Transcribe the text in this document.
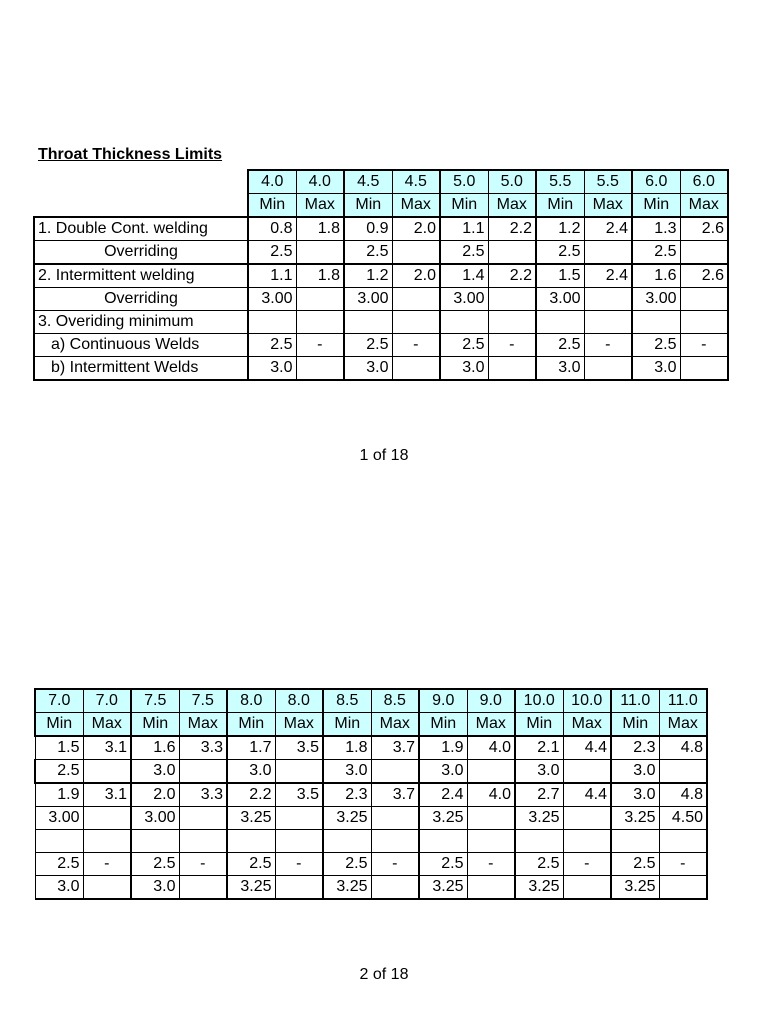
Throat Thickness Limits
	4.0	4.0	4.5	4.5	5.0	5.0	5.5	5.5	6.0	6.0
	Min	Max	Min	Max	Min	Max	Min	Max	Min	Max
1. Double Cont. welding	0.8	1.8	0.9	2.0	1.1	2.2	1.2	2.4	1.3	2.6
Overriding	2.5		2.5		2.5		2.5		2.5	
2. Intermittent welding	1.1	1.8	1.2	2.0	1.4	2.2	1.5	2.4	1.6	2.6
Overriding	3.00		3.00		3.00		3.00		3.00	
3. Overiding minimum										
a) Continuous Welds	2.5	-	2.5	-	2.5	-	2.5	-	2.5	-
b) Intermittent Welds	3.0		3.0		3.0		3.0		3.0	
1 of 18
7.0	7.0	7.5	7.5	8.0	8.0	8.5	8.5	9.0	9.0	10.0	10.0	11.0	11.0
Min	Max	Min	Max	Min	Max	Min	Max	Min	Max	Min	Max	Min	Max
1.5	3.1	1.6	3.3	1.7	3.5	1.8	3.7	1.9	4.0	2.1	4.4	2.3	4.8
2.5		3.0		3.0		3.0		3.0		3.0		3.0	
1.9	3.1	2.0	3.3	2.2	3.5	2.3	3.7	2.4	4.0	2.7	4.4	3.0	4.8
3.00		3.00		3.25		3.25		3.25		3.25		3.25	4.50

2.5	-	2.5	-	2.5	-	2.5	-	2.5	-	2.5	-	2.5	-
3.0		3.0		3.25		3.25		3.25		3.25		3.25	
2 of 18
